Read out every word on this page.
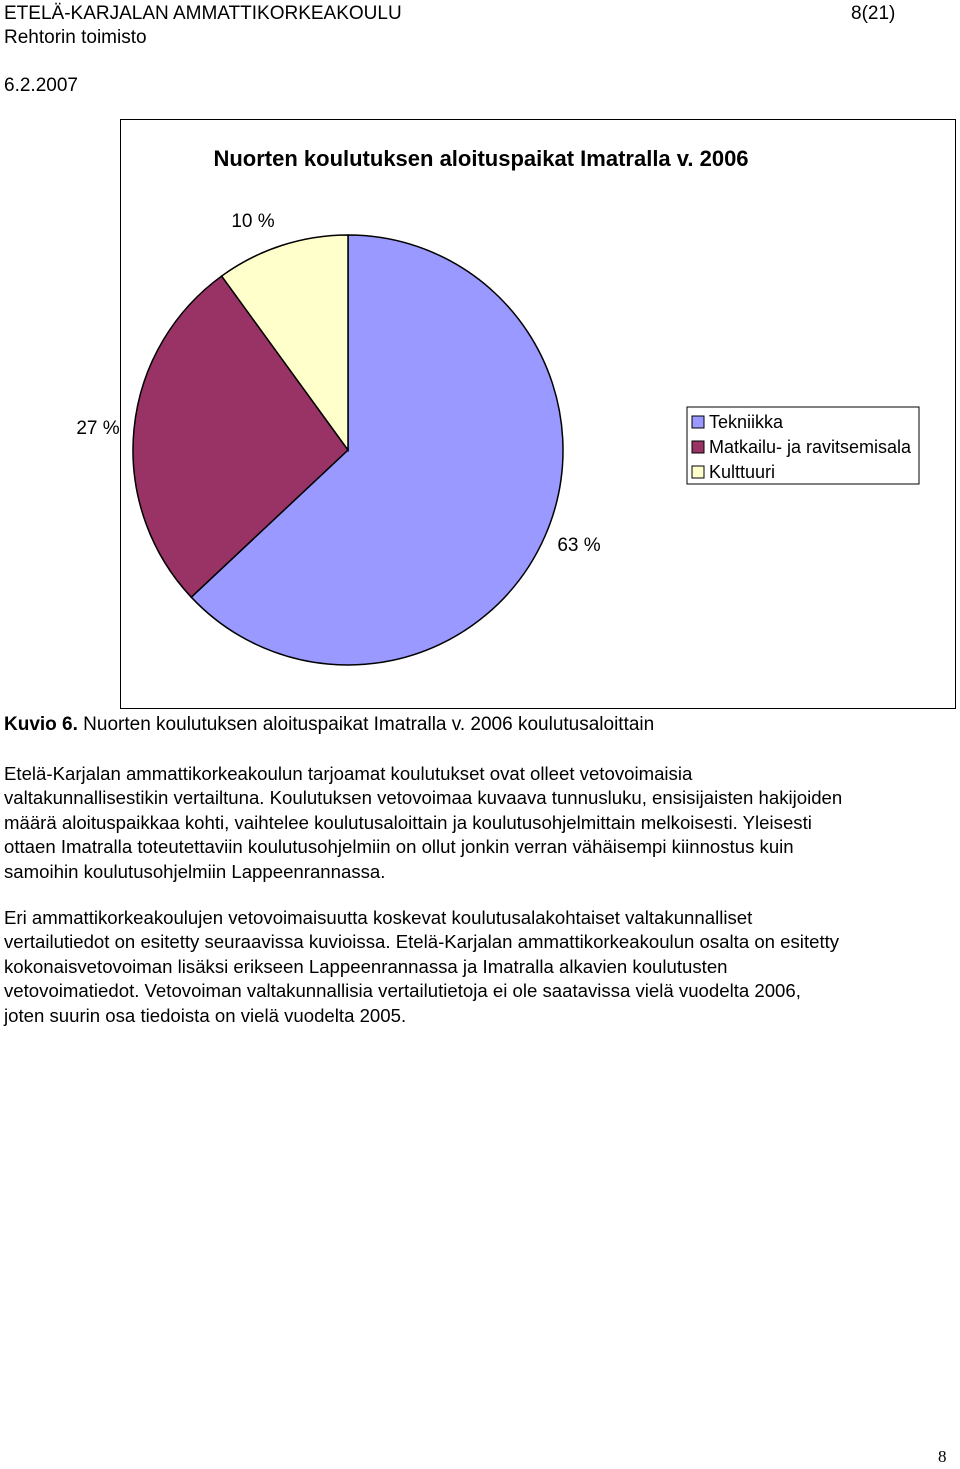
ETELÄ-KARJALAN AMMATTIKORKEAKOULU	8(21)
Rehtorin toimisto
6.2.2007
Nuorten koulutuksen aloituspaikat Imatralla v. 2006
63 %
27 %
10 %
Tekniikka
Matkailu- ja ravitsemisala
Kulttuuri
Kuvio 6. Nuorten koulutuksen aloituspaikat Imatralla v. 2006 koulutusaloittain
Etelä-Karjalan ammattikorkeakoulun tarjoamat koulutukset ovat olleet vetovoimaisia
valtakunnallisestikin vertailtuna. Koulutuksen vetovoimaa kuvaava tunnusluku, ensisijaisten hakijoiden
määrä aloituspaikkaa kohti, vaihtelee koulutusaloittain ja koulutusohjelmittain melkoisesti. Yleisesti
ottaen Imatralla toteutettaviin koulutusohjelmiin on ollut jonkin verran vähäisempi kiinnostus kuin
samoihin koulutusohjelmiin Lappeenrannassa.
Eri ammattikorkeakoulujen vetovoimaisuutta koskevat koulutusalakohtaiset valtakunnalliset
vertailutiedot on esitetty seuraavissa kuvioissa. Etelä-Karjalan ammattikorkeakoulun osalta on esitetty
kokonaisvetovoiman lisäksi erikseen Lappeenrannassa ja Imatralla alkavien koulutusten
vetovoimatiedot. Vetovoiman valtakunnallisia vertailutietoja ei ole saatavissa vielä vuodelta 2006,
joten suurin osa tiedoista on vielä vuodelta 2005.
8
